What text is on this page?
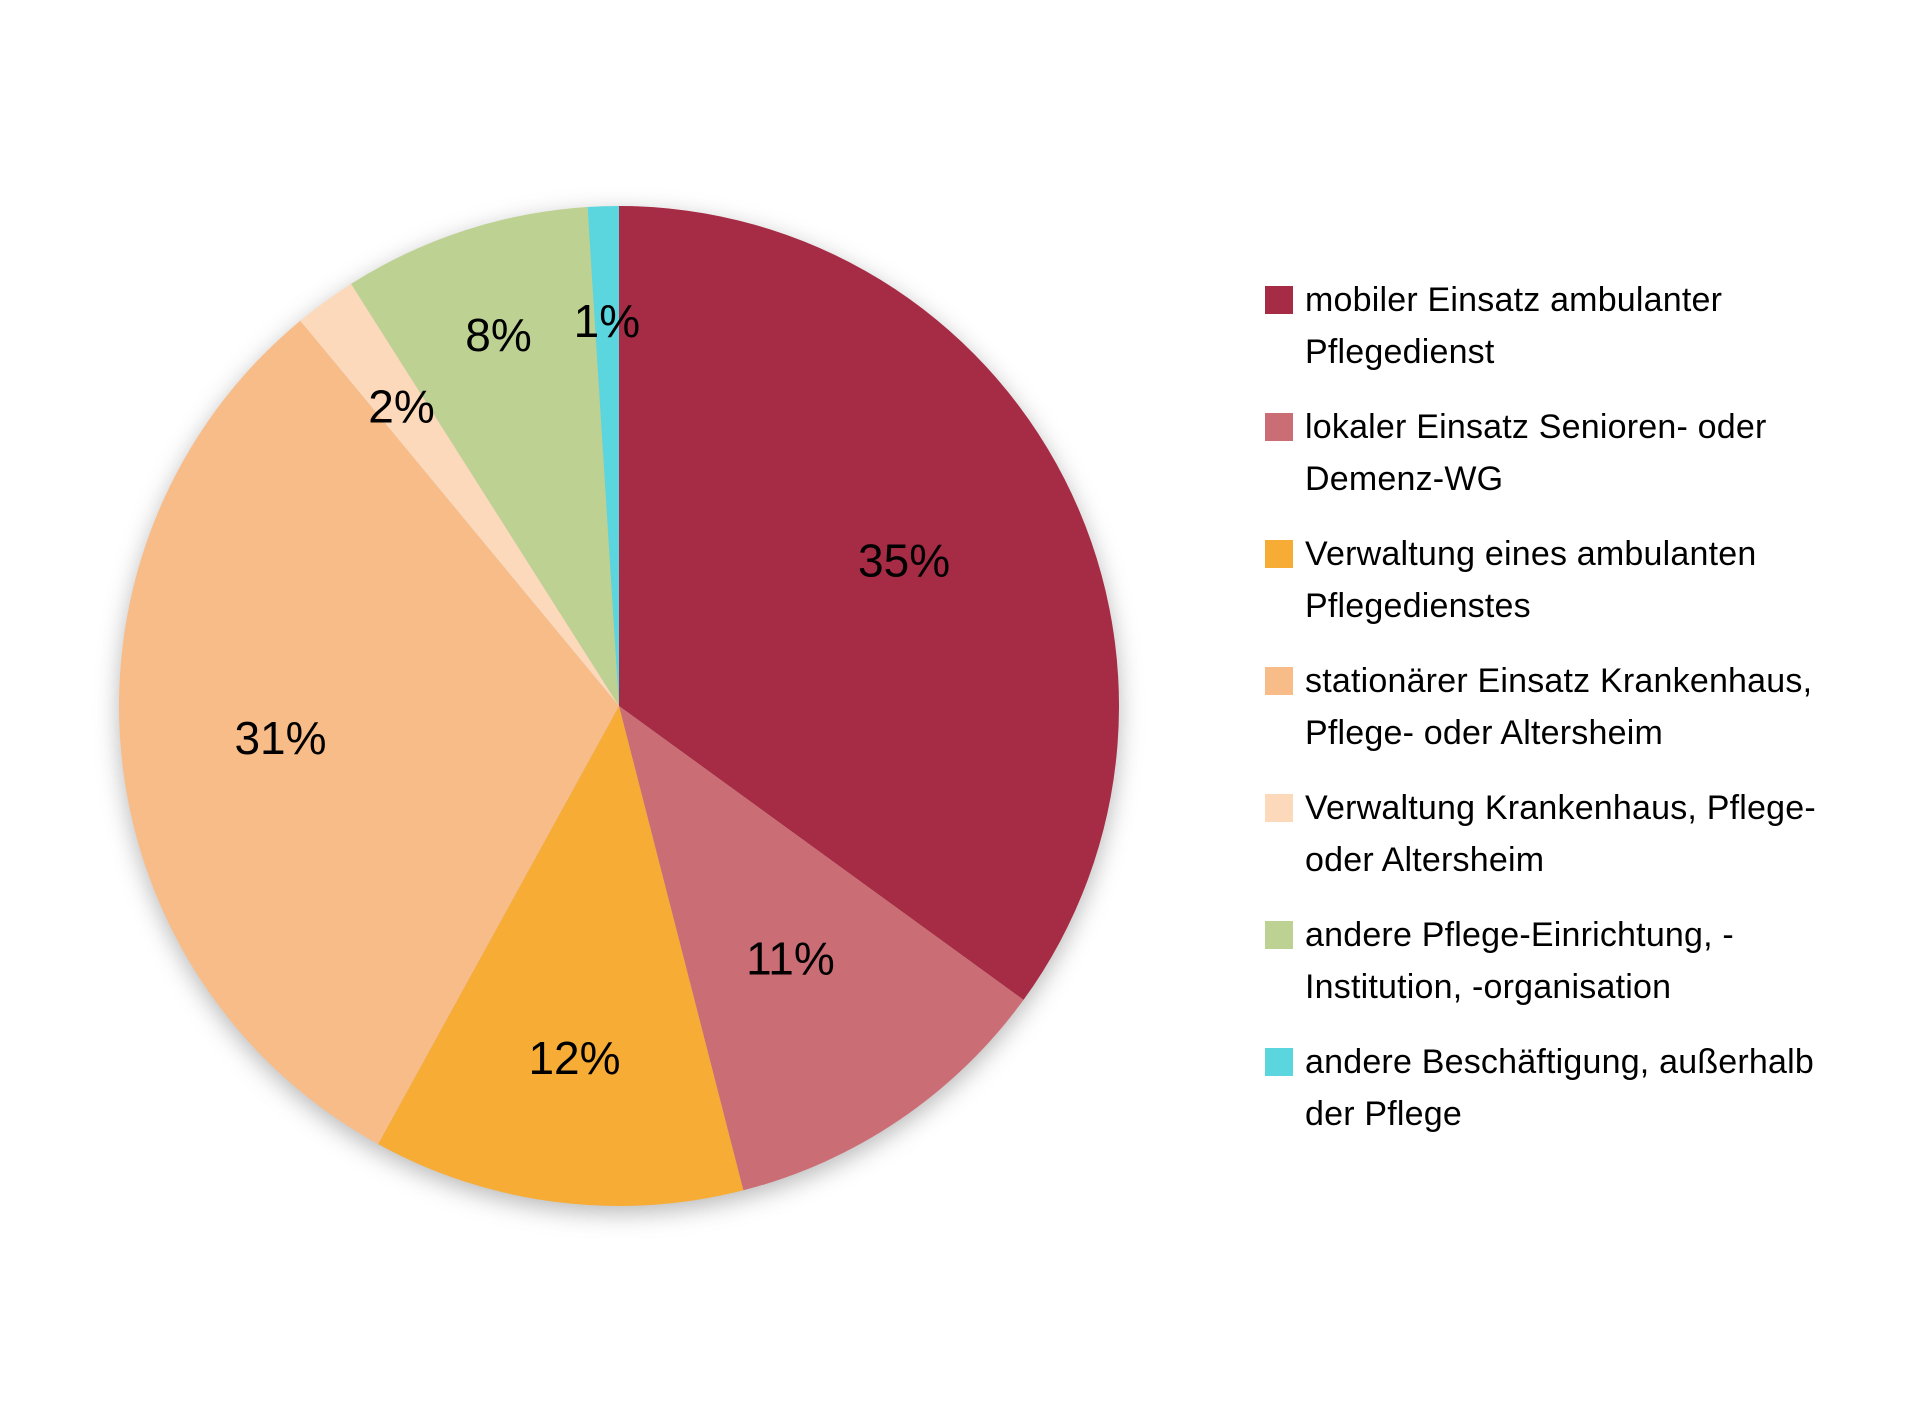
35%
11%
12%
31%
2%
8% 1%	mobiler Einsatz ambulanter Pflegedienst
lokaler Einsatz Senioren- oder Demenz-WG
Verwaltung eines ambulanten Pflegedienstes
stationärer Einsatz Krankenhaus, Pflege- oder Altersheim
Verwaltung Krankenhaus, Pflege- oder Altersheim
andere Pflege-Einrichtung, -Institution, -organisation
andere Beschäftigung, außerhalb der Pflege
